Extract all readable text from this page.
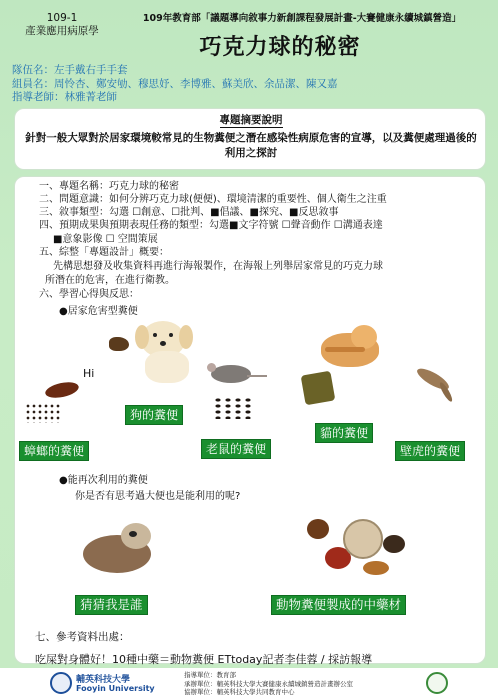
109-1
產業應用病原學
109年教育部「議題導向敘事力新創課程發展計畫-大賽健康永續城鎮營造」
巧克力球的秘密
隊伍名：左手戴右手手套
組員名：周怜杏、鄭安劬、穆思妤、李博雅、蘇美欣、余品潔、陳又嘉
指導老師：林雅菁老師
專題摘要說明
針對一般大眾對於居家環境較常見的生物糞便之潛在感染性病原危害的宣導，以及糞便處理過後的利用之探討
一、專題名稱：巧克力球的秘密
二、問題意識：如何分辨巧克力球(便便)、環境清潔的重要性、個人衛生之注重
三、敘事類型：勾選 ☐創意、☐批判、■倡議、■探究、■反思敘事
四、預期成果與預期表現任務的類型：勾選■文字符號 ☐聲音動作 ☐溝通表達
■意象影像 ☐ 空間策展
五、綜整「專題設計」概要：
先構思想發及收集資料再進行海報製作，在海報上列舉居家常見的巧克力球
所潛在的危害，在進行衛教。
六、學習心得與反思：
●居家危害型糞便
Hi
狗的糞便
蟑螂的糞便	老鼠的糞便
貓的糞便
壁虎的糞便
●能再次利用的糞便
你是否有思考過大便也是能利用的呢?
猜猜我是誰	動物糞便製成的中藥材
七、參考資料出處：
吃屎對身體好！10種中藥＝動物糞便 ETtoday記者李佳蓉 / 採訪報導
輔英科技大學
Fooyin University
指導單位：教育部
承辦單位：輔英科技大學大賽健康永續城鎮營造計畫辦公室
協辦單位：輔英科技大學共同教育中心
